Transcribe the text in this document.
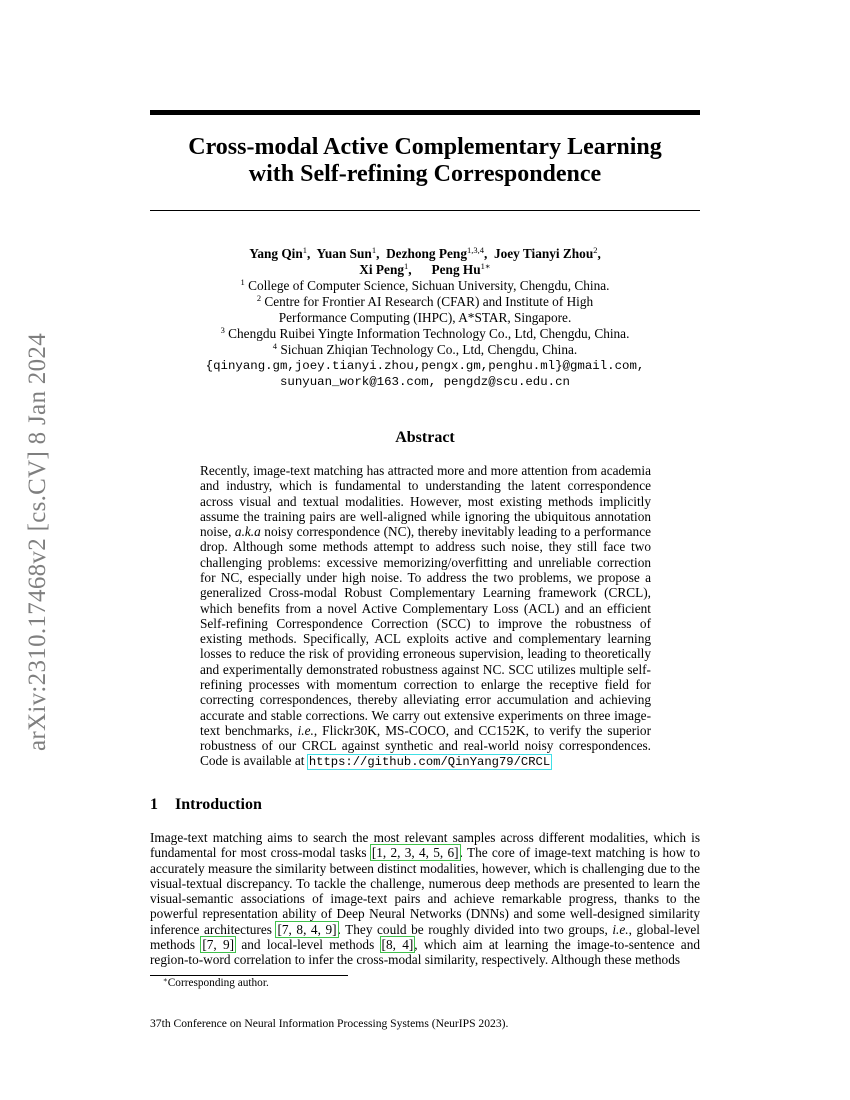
arXiv:2310.17468v2 [cs.CV] 8 Jan 2024
Cross-modal Active Complementary Learning
with Self-refining Correspondence
Yang Qin$^1$,  Yuan Sun$^1$,  Dezhong Peng$^{1,3,4}$,  Joey Tianyi Zhou$^2$,
Xi Peng$^1$,      Peng $Hu^{1∗}$
$^1$ College of Computer Science, Sichuan University, Chengdu, China.
$^2$ Centre for Frontier AI Research (CFAR) and Institute of High
Performance Computing (IHPC), A*STAR, Singapore.
$^3$ Chengdu Ruibei Yingte Information Technology Co., Ltd, Chengdu, China.
$^4$ Sichuan Zhiqian Technology Co., Ltd, Chengdu, China.
{qinyang.gm,joey.tianyi.zhou,pengx.gm,penghu.ml}@gmail.com,
sunyuan_work@163.com, pengdz@scu.edu.cn
Abstract
Recently, image-text matching has attracted more and more attention from academia and industry, which is fundamental to understanding the latent correspondence across visual and textual modalities. However, most existing methods implicitly assume the training pairs are well-aligned while ignoring the ubiquitous annotation noise, a.k.a noisy correspondence (NC), thereby inevitably leading to a performance drop. Although some methods attempt to address such noise, they still face two challenging problems: excessive memorizing/overfitting and unreliable correction for NC, especially under high noise. To address the two problems, we propose a generalized Cross-modal Robust Complementary Learning framework (CRCL), which benefits from a novel Active Complementary Loss (ACL) and an efficient Self-refining Correspondence Correction (SCC) to improve the robustness of existing methods. Specifically, ACL exploits active and complementary learning losses to reduce the risk of providing erroneous supervision, leading to theoretically and experimentally demonstrated robustness against NC. SCC utilizes multiple self-refining processes with momentum correction to enlarge the receptive field for correcting correspondences, thereby alleviating error accumulation and achieving accurate and stable corrections. We carry out extensive experiments on three image-text benchmarks, i.e., Flickr30K, MS-COCO, and CC152K, to verify the superior robustness of our CRCL against synthetic and real-world noisy correspondences. Code is available at https://github.com/QinYang79/CRCL
1 Introduction
Image-text matching aims to search the most relevant samples across different modalities, which is fundamental for most cross-modal tasks [1, 2, 3, 4, 5, 6]. The core of image-text matching is how to accurately measure the similarity between distinct modalities, however, which is challenging due to the visual-textual discrepancy. To tackle the challenge, numerous deep methods are presented to learn the visual-semantic associations of image-text pairs and achieve remarkable progress, thanks to the powerful representation ability of Deep Neural Networks (DNNs) and some well-designed similarity inference architectures [7, 8, 4, 9]. They could be roughly divided into two groups, i.e., global-level methods [7, 9] and local-level methods [8, 4], which aim at learning the image-to-sentence and region-to-word correlation to infer the cross-modal similarity, respectively. Although these methods
∗Corresponding author.
37th Conference on Neural Information Processing Systems (NeurIPS 2023).
